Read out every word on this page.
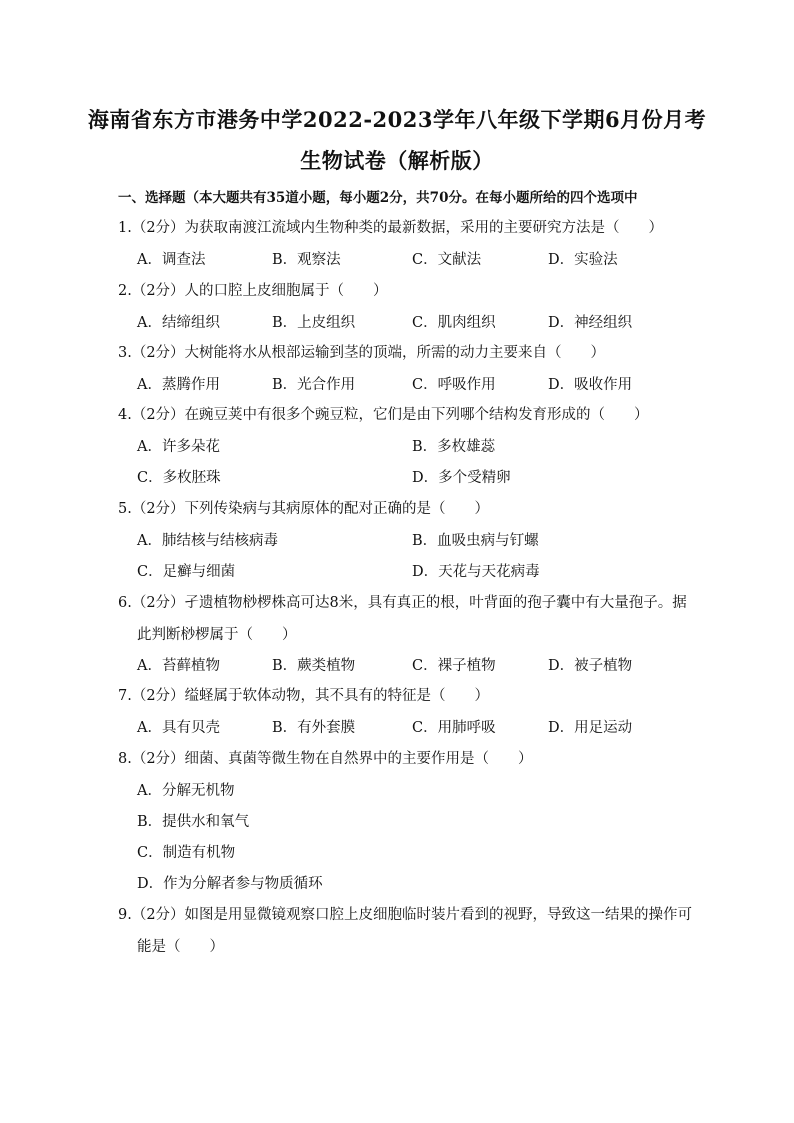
海南省东方市港务中学2022-2023学年八年级下学期6月份月考
生物试卷（解析版）
一、选择题（本大题共有35道小题，每小题2分，共70分。在每小题所给的四个选项中
1.（2分）为获取南渡江流域内生物种类的最新数据，采用的主要研究方法是（　　）
A．调查法	B．观察法	C．文献法	D．实验法
2.（2分）人的口腔上皮细胞属于（　　）
A．结缔组织	B．上皮组织	C．肌肉组织	D．神经组织
3.（2分）大树能将水从根部运输到茎的顶端，所需的动力主要来自（　　）
A．蒸腾作用	B．光合作用	C．呼吸作用	D．吸收作用
4.（2分）在豌豆荚中有很多个豌豆粒，它们是由下列哪个结构发育形成的（　　）
A．许多朵花	B．多枚雄蕊
C．多枚胚珠	D．多个受精卵
5.（2分）下列传染病与其病原体的配对正确的是（　　）
A．肺结核与结核病毒	B．血吸虫病与钉螺
C．足癣与细菌	D．天花与天花病毒
6.（2分）孑遗植物桫椤株高可达8米，具有真正的根，叶背面的孢子囊中有大量孢子。据
此判断桫椤属于（　　）
A．苔藓植物	B．蕨类植物	C．裸子植物	D．被子植物
7.（2分）缢蛏属于软体动物，其不具有的特征是（　　）
A．具有贝壳	B．有外套膜	C．用肺呼吸	D．用足运动
8.（2分）细菌、真菌等微生物在自然界中的主要作用是（　　）
A．分解无机物
B．提供水和氧气
C．制造有机物
D．作为分解者参与物质循环
9.（2分）如图是用显微镜观察口腔上皮细胞临时装片看到的视野，导致这一结果的操作可
能是（　　）
